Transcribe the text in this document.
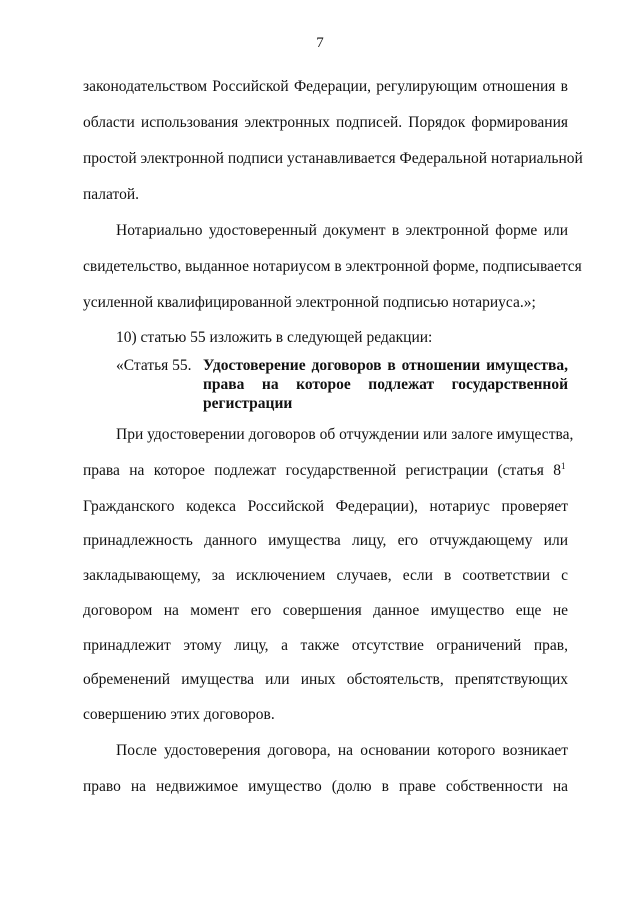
7
законодательством Российской Федерации, регулирующим отношения в
области использования электронных подписей. Порядок формирования
простой электронной подписи устанавливается Федеральной нотариальной
палатой.
Нотариально удостоверенный документ в электронной форме или
свидетельство, выданное нотариусом в электронной форме, подписывается
усиленной квалифицированной электронной подписью нотариуса.»;
10) статью 55 изложить в следующей редакции:
«Статья 55. Удостоверение договоров в отношении имущества,
права на которое подлежат государственной
регистрации
При удостоверении договоров об отчуждении или залоге имущества,
права на которое подлежат государственной регистрации (статья $8^1$
Гражданского кодекса Российской Федерации), нотариус проверяет
принадлежность данного имущества лицу, его отчуждающему или
закладывающему, за исключением случаев, если в соответствии с
договором на момент его совершения данное имущество еще не
принадлежит этому лицу, а также отсутствие ограничений прав,
обременений имущества или иных обстоятельств, препятствующих
совершению этих договоров.
После удостоверения договора, на основании которого возникает
право на недвижимое имущество (долю в праве собственности на
